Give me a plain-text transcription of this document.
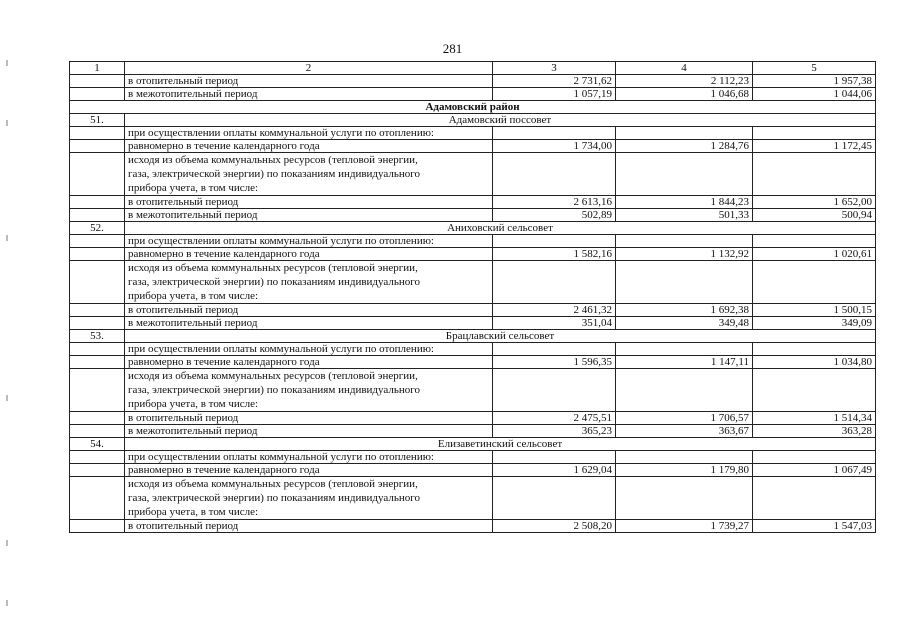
281
1	2	3	4	5
	в отопительный период	2 731,62	2 112,23	1 957,38
	в межотопительный период	1 057,19	1 046,68	1 044,06
Адамовский район				
51.	Адамовский поссовет			
	при осуществлении оплаты коммунальной услуги по отоплению:			
	равномерно в течение календарного года	1 734,00	1 284,76	1 172,45

	исходя из объема коммунальных ресурсов (тепловой энергии,
газа, электрической энергии) по показаниям индивидуального
прибора учета, в том числе:			

	в отопительный период	2 613,16	1 844,23	1 652,00
	в межотопительный период	502,89	501,33	500,94
52.	Аниховский сельсовет			
	при осуществлении оплаты коммунальной услуги по отоплению:			
	равномерно в течение календарного года	1 582,16	1 132,92	1 020,61

	исходя из объема коммунальных ресурсов (тепловой энергии,
газа, электрической энергии) по показаниям индивидуального
прибора учета, в том числе:			

	в отопительный период	2 461,32	1 692,38	1 500,15
	в межотопительный период	351,04	349,48	349,09
53.	Брацлавский сельсовет			
	при осуществлении оплаты коммунальной услуги по отоплению:			
	равномерно в течение календарного года	1 596,35	1 147,11	1 034,80

	исходя из объема коммунальных ресурсов (тепловой энергии,
газа, электрической энергии) по показаниям индивидуального
прибора учета, в том числе:			

	в отопительный период	2 475,51	1 706,57	1 514,34
	в межотопительный период	365,23	363,67	363,28
54.	Елизаветинский сельсовет			
	при осуществлении оплаты коммунальной услуги по отоплению:			
	равномерно в течение календарного года	1 629,04	1 179,80	1 067,49

	исходя из объема коммунальных ресурсов (тепловой энергии,
газа, электрической энергии) по показаниям индивидуального
прибора учета, в том числе:			

	в отопительный период	2 508,20	1 739,27	1 547,03
